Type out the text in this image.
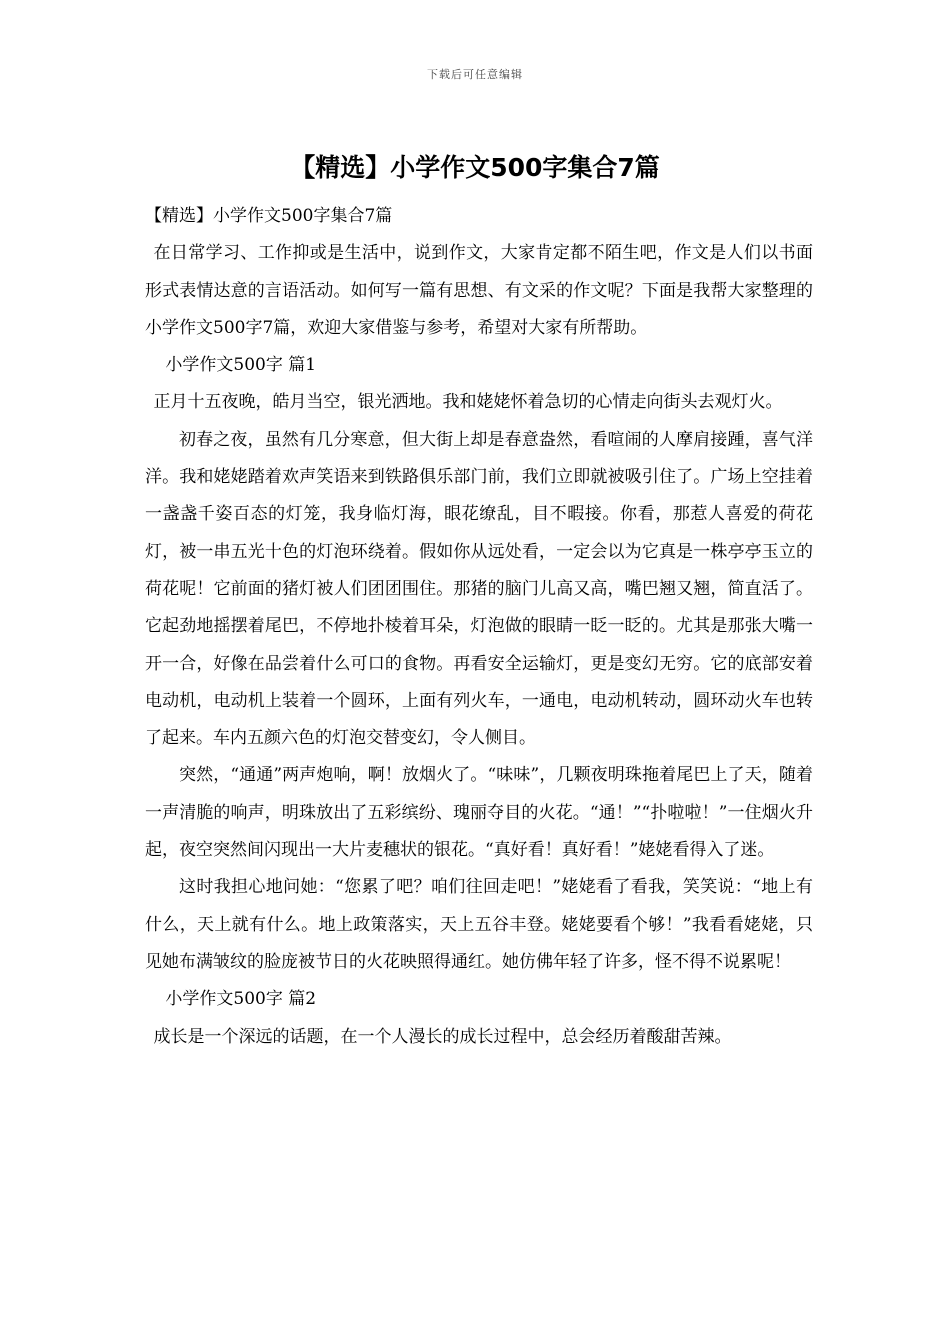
下载后可任意编辑
【精选】小学作文500字集合7篇

【精选】小学作文500字集合7篇

在日常学习、工作抑或是生活中，说到作文，大家肯定都不陌生吧，作文是人们以书面形式表情达意的言语活动。如何写一篇有思想、有文采的作文呢？下面是我帮大家整理的小学作文500字7篇，欢迎大家借鉴与参考，希望对大家有所帮助。

小学作文500字 篇1

正月十五夜晚，皓月当空，银光洒地。我和姥姥怀着急切的心情走向街头去观灯火。

初春之夜，虽然有几分寒意，但大街上却是春意盎然，看喧闹的人摩肩接踵，喜气洋洋。我和姥姥踏着欢声笑语来到铁路俱乐部门前，我们立即就被吸引住了。广场上空挂着一盏盏千姿百态的灯笼，我身临灯海，眼花缭乱，目不暇接。你看，那惹人喜爱的荷花灯，被一串五光十色的灯泡环绕着。假如你从远处看，一定会以为它真是一株亭亭玉立的荷花呢！它前面的猪灯被人们团团围住。那猪的脑门儿高又高，嘴巴翘又翘，简直活了。它起劲地摇摆着尾巴，不停地扑棱着耳朵，灯泡做的眼睛一眨一眨的。尤其是那张大嘴一开一合，好像在品尝着什么可口的食物。再看安全运输灯，更是变幻无穷。它的底部安着电动机，电动机上装着一个圆环，上面有列火车，一通电，电动机转动，圆环动火车也转了起来。车内五颜六色的灯泡交替变幻，令人侧目。

突然，“通通”两声炮响，啊！放烟火了。“味味”，几颗夜明珠拖着尾巴上了天，随着一声清脆的响声，明珠放出了五彩缤纷、瑰丽夺目的火花。“通！”“扑啦啦！”一住烟火升起，夜空突然间闪现出一大片麦穗状的银花。“真好看！真好看！”姥姥看得入了迷。

这时我担心地问她：“您累了吧？咱们往回走吧！”姥姥看了看我，笑笑说：“地上有什么，天上就有什么。地上政策落实，天上五谷丰登。姥姥要看个够！”我看看姥姥，只见她布满皱纹的脸庞被节日的火花映照得通红。她仿佛年轻了许多，怪不得不说累呢！

小学作文500字 篇2

成长是一个深远的话题，在一个人漫长的成长过程中，总会经历着酸甜苦辣。
